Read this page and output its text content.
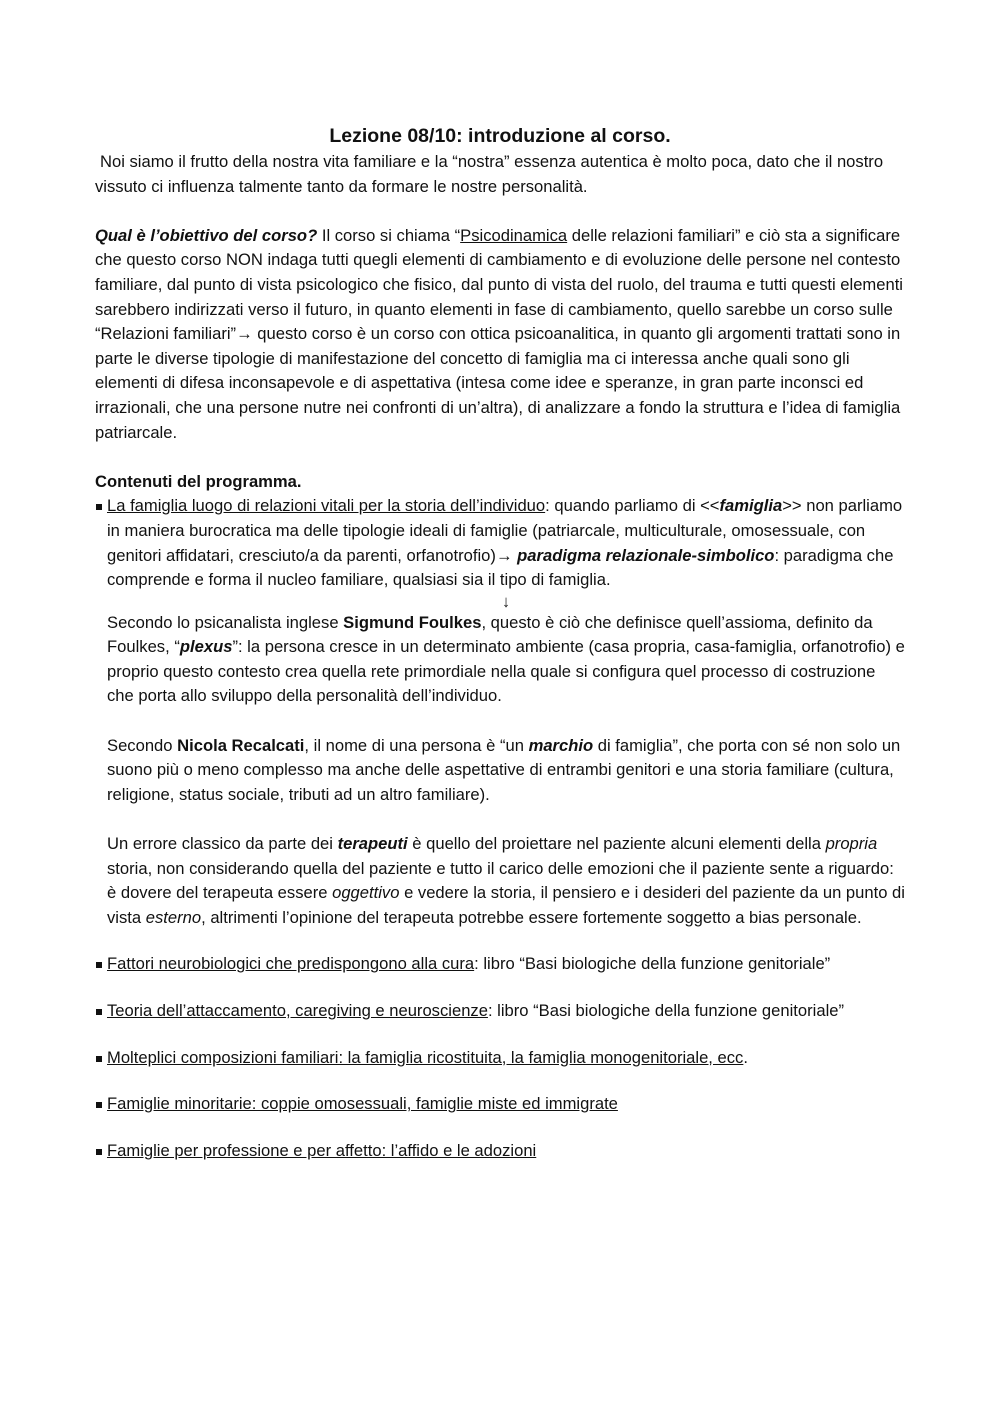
Lezione 08/10: introduzione al corso.

Noi siamo il frutto della nostra vita familiare e la “nostra” essenza autentica è molto poca, dato che il nostro vissuto ci influenza talmente tanto da formare le nostre personalità.

Qual è l’obiettivo del corso? Il corso si chiama “Psicodinamica delle relazioni familiari” e ciò sta a significare che questo corso NON indaga tutti quegli elementi di cambiamento e di evoluzione delle persone nel contesto familiare, dal punto di vista psicologico che fisico, dal punto di vista del ruolo, del trauma e tutti questi elementi sarebbero indirizzati verso il futuro, in quanto elementi in fase di cambiamento, quello sarebbe un corso sulle “Relazioni familiari”→ questo corso è un corso con ottica psicoanalitica, in quanto gli argomenti trattati sono in parte le diverse tipologie di manifestazione del concetto di famiglia ma ci interessa anche quali sono gli elementi di difesa inconsapevole e di aspettativa (intesa come idee e speranze, in gran parte inconsci ed irrazionali, che una persone nutre nei confronti di un’altra), di analizzare a fondo la struttura e l’idea di famiglia patriarcale.

Contenuti del programma.

La famiglia luogo di relazioni vitali per la storia dell’individuo: quando parliamo di <<famiglia>> non parliamo in maniera burocratica ma delle tipologie ideali di famiglie (patriarcale, multiculturale, omosessuale, con genitori affidatari, cresciuto/a da parenti, orfanotrofio)→ paradigma relazionale-simbolico: paradigma che comprende e forma il nucleo familiare, qualsiasi sia il tipo di famiglia.

↓

Secondo lo psicanalista inglese Sigmund Foulkes, questo è ciò che definisce quell’assioma, definito da Foulkes, “plexus”: la persona cresce in un determinato ambiente (casa propria, casa-famiglia, orfanotrofio) e proprio questo contesto crea quella rete primordiale nella quale si configura quel processo di costruzione che porta allo sviluppo della personalità dell’individuo.

Secondo Nicola Recalcati, il nome di una persona è “un marchio di famiglia”, che porta con sé non solo un suono più o meno complesso ma anche delle aspettative di entrambi genitori e una storia familiare (cultura, religione, status sociale, tributi ad un altro familiare).

Un errore classico da parte dei terapeuti è quello del proiettare nel paziente alcuni elementi della propria storia, non considerando quella del paziente e tutto il carico delle emozioni che il paziente sente a riguardo: è dovere del terapeuta essere oggettivo e vedere la storia, il pensiero e i desideri del paziente da un punto di vista esterno, altrimenti l’opinione del terapeuta potrebbe essere fortemente soggetto a bias personale.

Fattori neurobiologici che predispongono alla cura: libro “Basi biologiche della funzione genitoriale”

Teoria dell’attaccamento, caregiving e neuroscienze: libro “Basi biologiche della funzione genitoriale”

Molteplici composizioni familiari: la famiglia ricostituita, la famiglia monogenitoriale, ecc.

Famiglie minoritarie: coppie omosessuali, famiglie miste ed immigrate

Famiglie per professione e per affetto: l’affido e le adozioni
